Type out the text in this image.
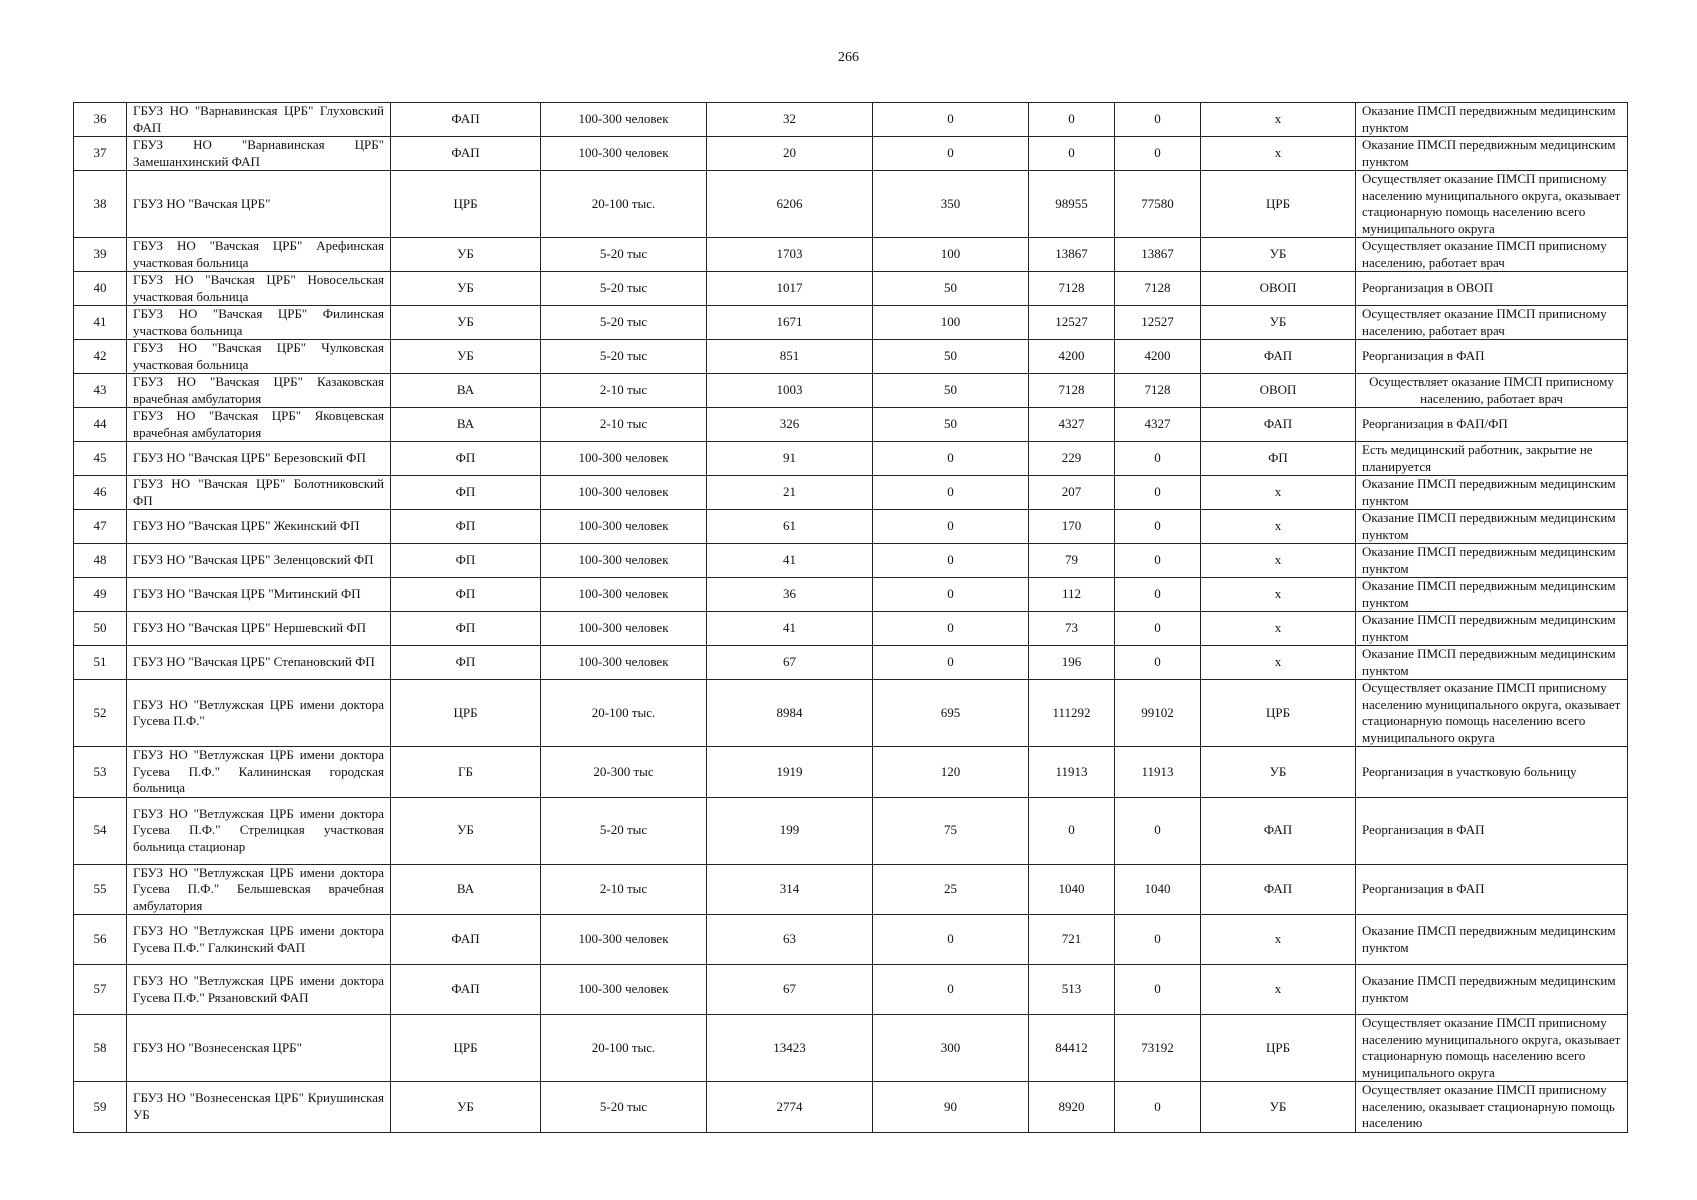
266
36	ГБУЗ НО "Варнавинская ЦРБ" Глуховский ФАП	ФАП	100-300 человек	32	0	0	0	х	Оказание ПМСП передвижным медицинским пунктом
37	ГБУЗ НО "Варнавинская ЦРБ" Замешанхинский ФАП	ФАП	100-300 человек	20	0	0	0	х	Оказание ПМСП передвижным медицинским пунктом
38	ГБУЗ НО "Вачская ЦРБ"	ЦРБ	20-100 тыс.	6206	350	98955	77580	ЦРБ	Осуществляет оказание ПМСП приписному населению муниципального округа, оказывает стационарную помощь населению всего муниципального округа
39	ГБУЗ НО "Вачская ЦРБ" Арефинская участковая больница	УБ	5-20 тыс	1703	100	13867	13867	УБ	Осуществляет оказание ПМСП приписному населению, работает врач
40	ГБУЗ НО "Вачская ЦРБ" Новосельская участковая больница	УБ	5-20 тыс	1017	50	7128	7128	ОВОП	Реорганизация в ОВОП
41	ГБУЗ НО "Вачская ЦРБ" Филинская участкова больница	УБ	5-20 тыс	1671	100	12527	12527	УБ	Осуществляет оказание ПМСП приписному населению, работает врач
42	ГБУЗ НО "Вачская ЦРБ" Чулковская участковая больница	УБ	5-20 тыс	851	50	4200	4200	ФАП	Реорганизация в ФАП
43	ГБУЗ НО "Вачская ЦРБ" Казаковская врачебная амбулатория	ВА	2-10 тыс	1003	50	7128	7128	ОВОП	Осуществляет оказание ПМСП приписному населению, работает врач
44	ГБУЗ НО "Вачская ЦРБ" Яковцевская врачебная амбулатория	ВА	2-10 тыс	326	50	4327	4327	ФАП	Реорганизация в ФАП/ФП
45	ГБУЗ НО "Вачская ЦРБ" Березовский ФП	ФП	100-300 человек	91	0	229	0	ФП	Есть медицинский работник, закрытие не планируется
46	ГБУЗ НО "Вачская ЦРБ" Болотниковский ФП	ФП	100-300 человек	21	0	207	0	х	Оказание ПМСП передвижным медицинским пунктом
47	ГБУЗ НО "Вачская ЦРБ" Жекинский ФП	ФП	100-300 человек	61	0	170	0	х	Оказание ПМСП передвижным медицинским пунктом
48	ГБУЗ НО "Вачская ЦРБ" Зеленцовский ФП	ФП	100-300 человек	41	0	79	0	х	Оказание ПМСП передвижным медицинским пунктом
49	ГБУЗ НО "Вачская ЦРБ "Митинский ФП	ФП	100-300 человек	36	0	112	0	х	Оказание ПМСП передвижным медицинским пунктом
50	ГБУЗ НО "Вачская ЦРБ" Нершевский ФП	ФП	100-300 человек	41	0	73	0	х	Оказание ПМСП передвижным медицинским пунктом
51	ГБУЗ НО "Вачская ЦРБ" Степановский ФП	ФП	100-300 человек	67	0	196	0	х	Оказание ПМСП передвижным медицинским пунктом
52	ГБУЗ НО "Ветлужская ЦРБ имени доктора Гусева П.Ф."	ЦРБ	20-100 тыс.	8984	695	111292	99102	ЦРБ	Осуществляет оказание ПМСП приписному населению муниципального округа, оказывает стационарную помощь населению всего муниципального округа
53	ГБУЗ НО "Ветлужская ЦРБ имени доктора Гусева П.Ф." Калининская городская больница	ГБ	20-300 тыс	1919	120	11913	11913	УБ	Реорганизация в участковую больницу
54	ГБУЗ НО "Ветлужская ЦРБ имени доктора Гусева П.Ф." Стрелицкая участковая больница стационар	УБ	5-20 тыс	199	75	0	0	ФАП	Реорганизация в ФАП
55	ГБУЗ НО "Ветлужская ЦРБ имени доктора Гусева П.Ф." Белышевская врачебная амбулатория	ВА	2-10 тыс	314	25	1040	1040	ФАП	Реорганизация в ФАП
56	ГБУЗ НО "Ветлужская ЦРБ имени доктора Гусева П.Ф." Галкинский ФАП	ФАП	100-300 человек	63	0	721	0	х	Оказание ПМСП передвижным медицинским пунктом
57	ГБУЗ НО "Ветлужская ЦРБ имени доктора Гусева П.Ф." Рязановский ФАП	ФАП	100-300 человек	67	0	513	0	х	Оказание ПМСП передвижным медицинским пунктом
58	ГБУЗ НО "Вознесенская ЦРБ"	ЦРБ	20-100 тыс.	13423	300	84412	73192	ЦРБ	Осуществляет оказание ПМСП приписному населению муниципального округа, оказывает стационарную помощь населению всего муниципального округа
59	ГБУЗ НО "Вознесенская ЦРБ" Криушинская УБ	УБ	5-20 тыс	2774	90	8920	0	УБ	Осуществляет оказание ПМСП приписному населению, оказывает стационарную помощь населению
